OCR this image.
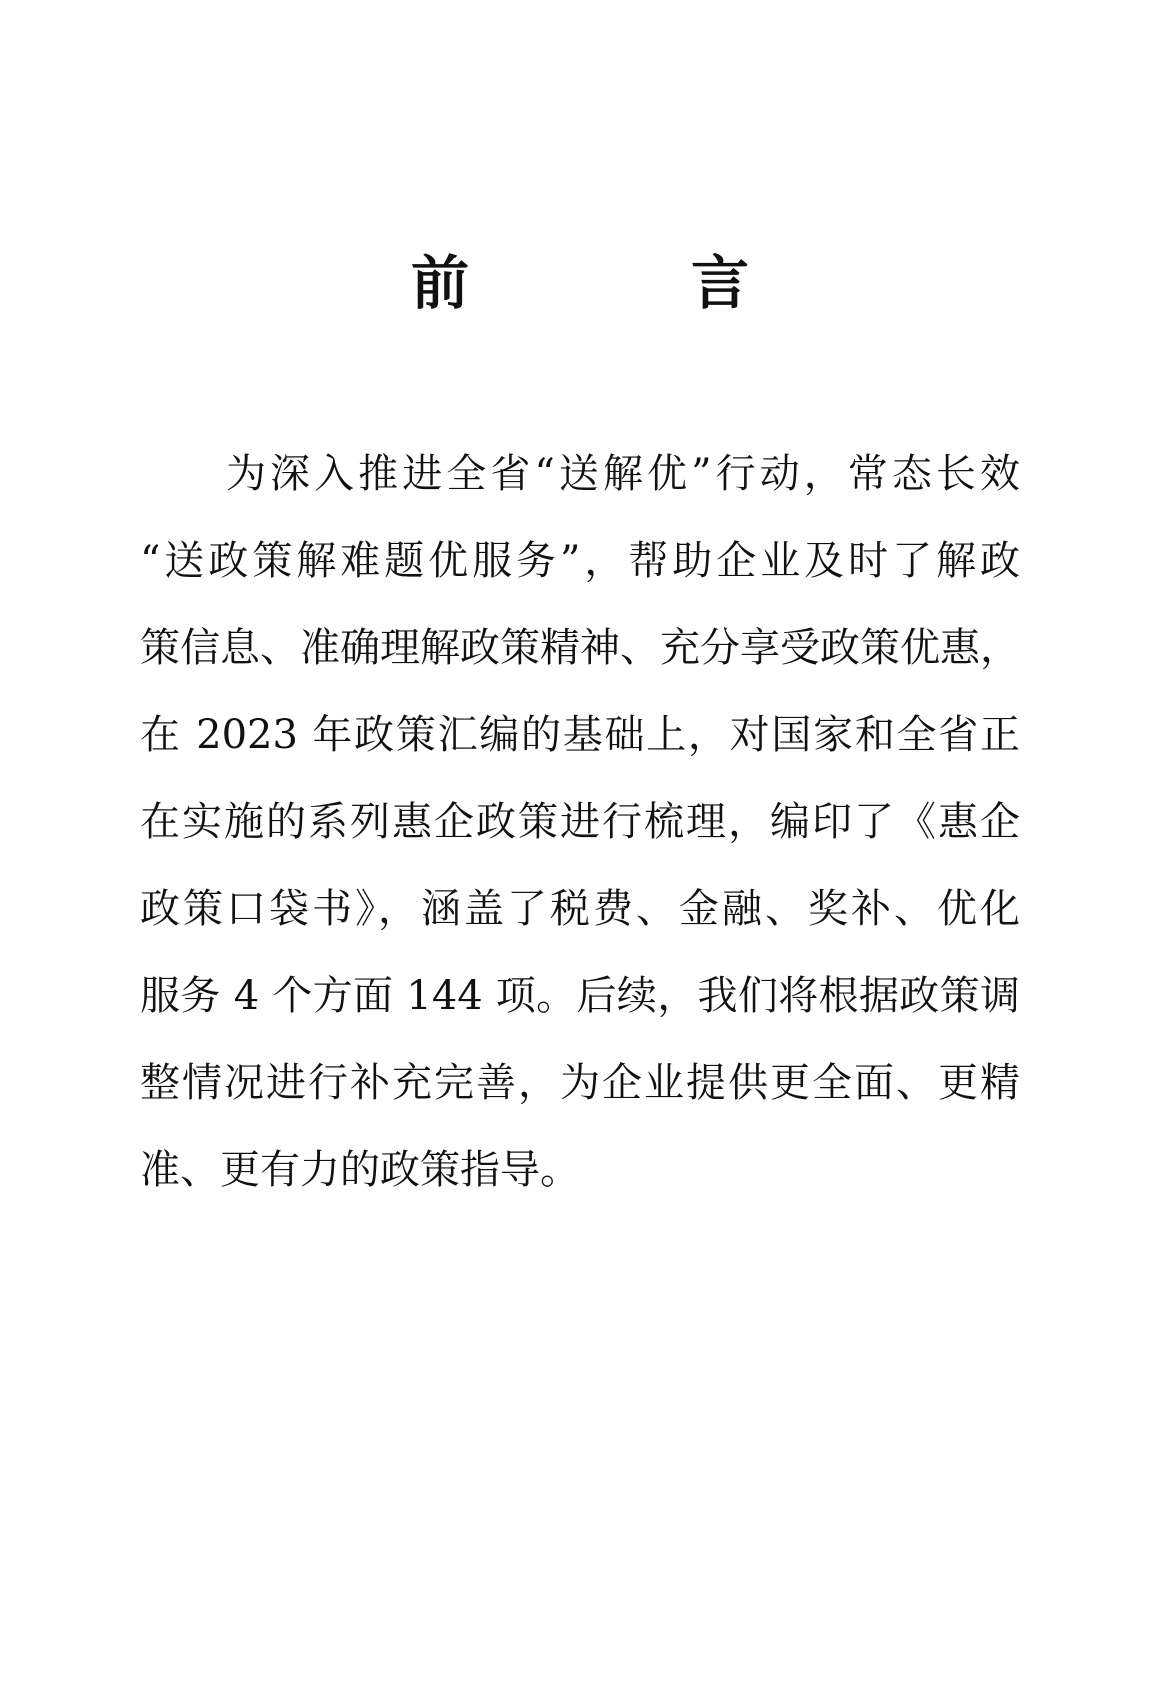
前　言
为深入推进全省“送解优”行动，常态长效
“送政策解难题优服务”，帮助企业及时了解政
策信息、准确理解政策精神、充分享受政策优惠，
在 2023 年政策汇编的基础上，对国家和全省正
在实施的系列惠企政策进行梳理，编印了《惠企
政策口袋书》，涵盖了税费、金融、奖补、优化
服务 4 个方面 144 项。后续，我们将根据政策调
整情况进行补充完善，为企业提供更全面、更精
准、更有力的政策指导。
